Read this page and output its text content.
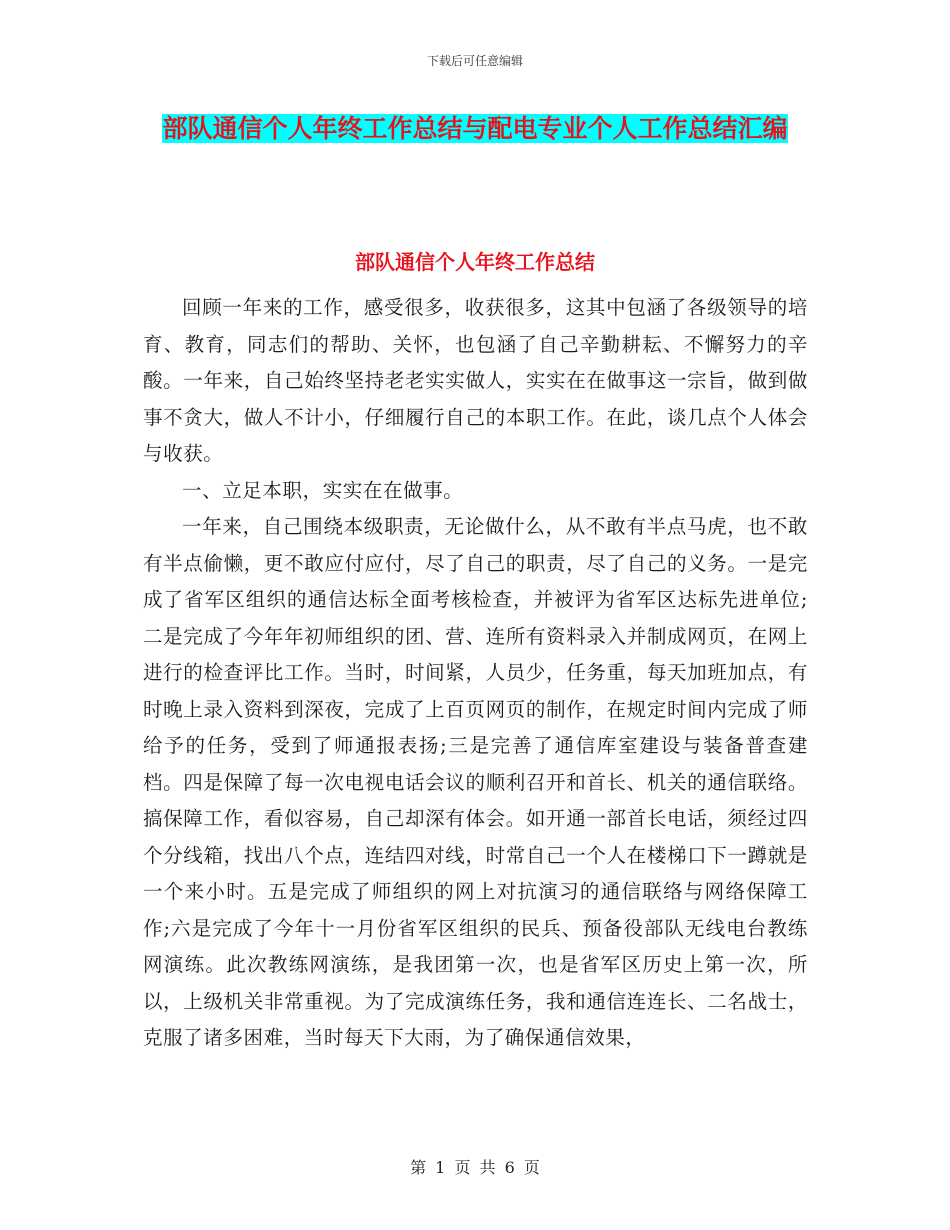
下载后可任意编辑
部队通信个人年终工作总结与配电专业个人工作总结汇编
部队通信个人年终工作总结

回顾一年来的工作，感受很多，收获很多，这其中包涵了各级领导的培育、教育，同志们的帮助、关怀，也包涵了自己辛勤耕耘、不懈努力的辛酸。一年来，自己始终坚持老老实实做人，实实在在做事这一宗旨，做到做事不贪大，做人不计小，仔细履行自己的本职工作。在此，谈几点个人体会与收获。

一、立足本职，实实在在做事。

一年来，自己围绕本级职责，无论做什么，从不敢有半点马虎，也不敢有半点偷懒，更不敢应付应付，尽了自己的职责，尽了自己的义务。一是完成了省军区组织的通信达标全面考核检查，并被评为省军区达标先进单位;二是完成了今年年初师组织的团、营、连所有资料录入并制成网页，在网上进行的检查评比工作。当时，时间紧，人员少，任务重，每天加班加点，有时晚上录入资料到深夜，完成了上百页网页的制作，在规定时间内完成了师给予的任务，受到了师通报表扬;三是完善了通信库室建设与装备普查建档。四是保障了每一次电视电话会议的顺利召开和首长、机关的通信联络。搞保障工作，看似容易，自己却深有体会。如开通一部首长电话，须经过四个分线箱，找出八个点，连结四对线，时常自己一个人在楼梯口下一蹲就是一个来小时。五是完成了师组织的网上对抗演习的通信联络与网络保障工作;六是完成了今年十一月份省军区组织的民兵、预备役部队无线电台教练网演练。此次教练网演练，是我团第一次，也是省军区历史上第一次，所以，上级机关非常重视。为了完成演练任务，我和通信连连长、二名战士，克服了诸多困难，当时每天下大雨，为了确保通信效果，

第 1 页 共 6 页
